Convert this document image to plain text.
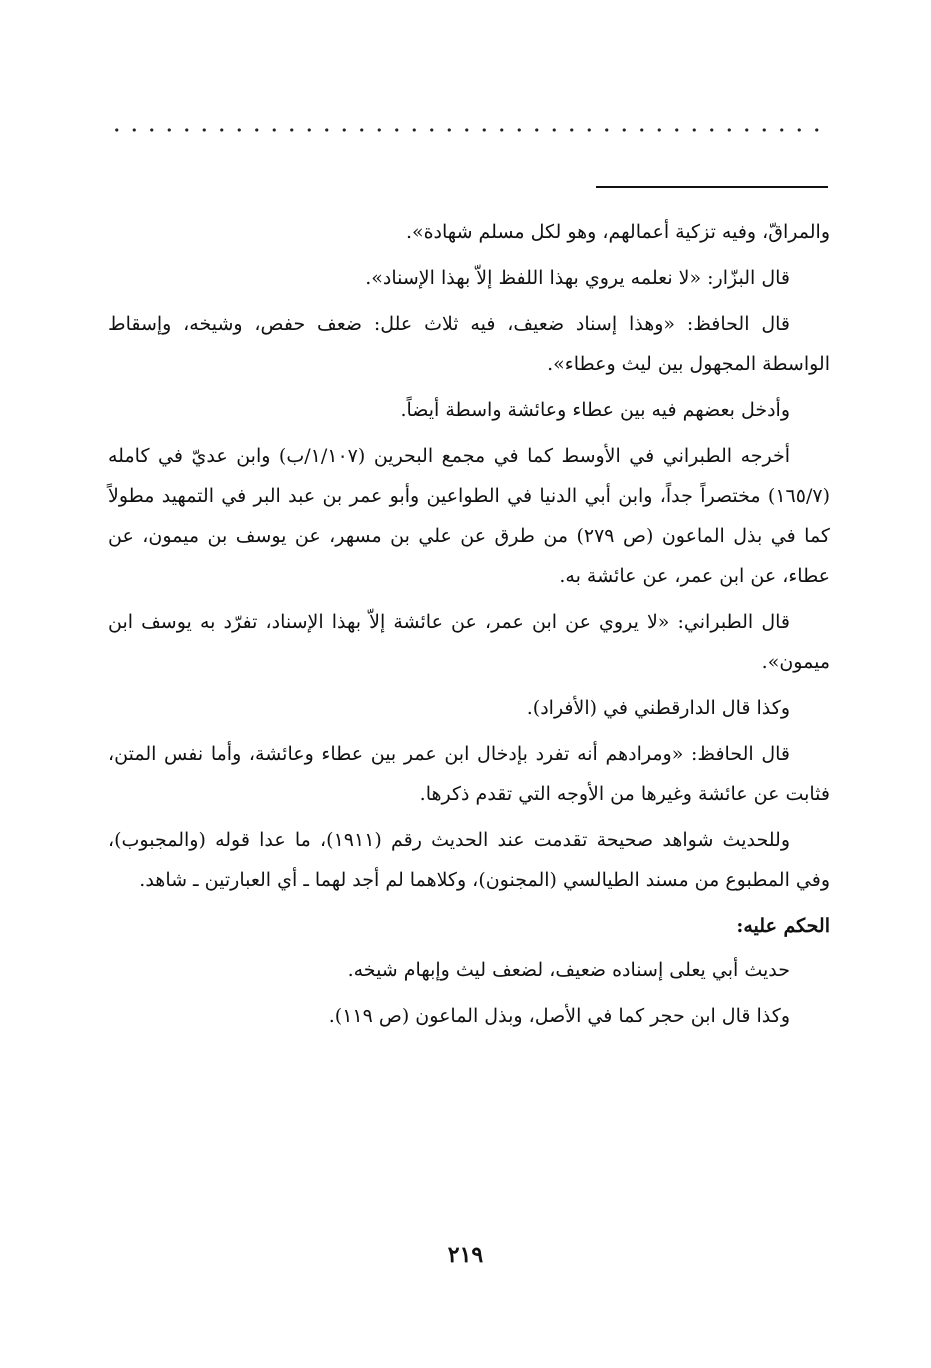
والمراقّ، وفيه تزكية أعمالهم، وهو لكل مسلم شهادة».

قال البزّار: «لا نعلمه يروي بهذا اللفظ إلاّ بهذا الإسناد».

قال الحافظ: «وهذا إسناد ضعيف، فيه ثلاث علل: ضعف حفص، وشيخه، وإسقاط الواسطة المجهول بين ليث وعطاء».

وأدخل بعضهم فيه بين عطاء وعائشة واسطة أيضاً.

أخرجه الطبراني في الأوسط كما في مجمع البحرين (١/١٠٧/ب) وابن عديّ في كامله (١٦٥/٧) مختصراً جداً، وابن أبي الدنيا في الطواعين وأبو عمر بن عبد البر في التمهيد مطولاً كما في بذل الماعون (ص ٢٧٩) من طرق عن علي بن مسهر، عن يوسف بن ميمون، عن عطاء، عن ابن عمر، عن عائشة به.

قال الطبراني: «لا يروي عن ابن عمر، عن عائشة إلاّ بهذا الإسناد، تفرّد به يوسف ابن ميمون».

وكذا قال الدارقطني في (الأفراد).

قال الحافظ: «ومرادهم أنه تفرد بإدخال ابن عمر بين عطاء وعائشة، وأما نفس المتن، فثابت عن عائشة وغيرها من الأوجه التي تقدم ذكرها.

وللحديث شواهد صحيحة تقدمت عند الحديث رقم (١٩١١)، ما عدا قوله (والمجبوب)، وفي المطبوع من مسند الطيالسي (المجنون)، وكلاهما لم أجد لهما ـ أي العبارتين ـ شاهد.

الحكم عليه:

حديث أبي يعلى إسناده ضعيف، لضعف ليث وإبهام شيخه.

وكذا قال ابن حجر كما في الأصل، وبذل الماعون (ص ١١٩).

٢١٩
